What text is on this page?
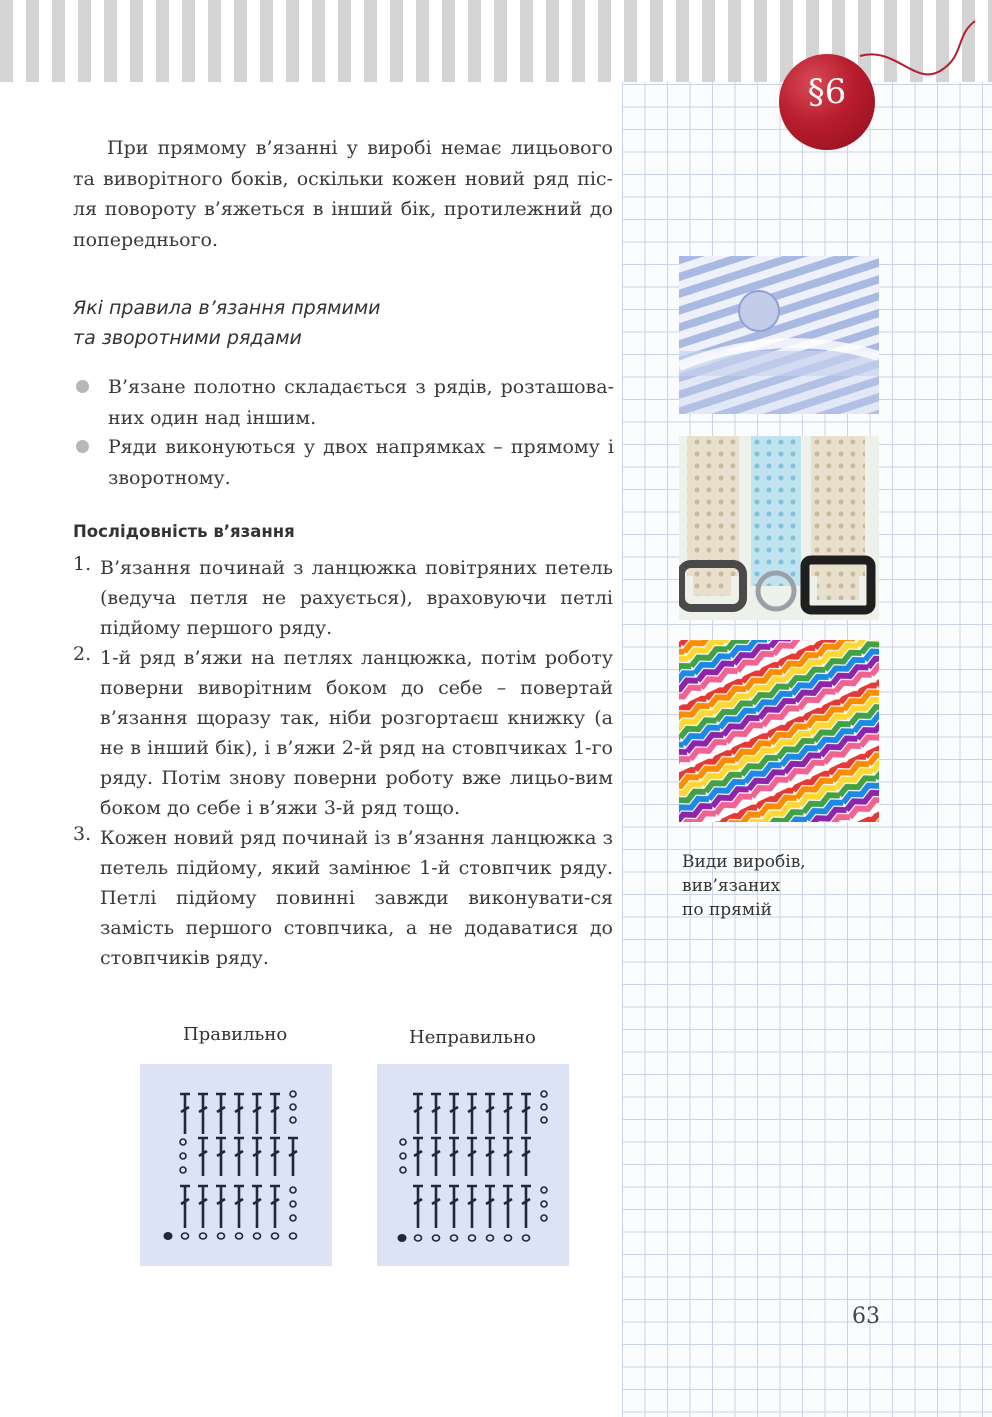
§6

При прямому в’язанні у виробі немає лицьового та виворітного боків, оскільки кожен новий ряд піс-ля повороту в’яжеться в інший бік, протилежний до попереднього.

Які правила в’язання прямими
та зворотними рядами
В’язане полотно складається з рядів, розташова-них один над іншим.
Ряди виконуються у двох напрямках – прямому і зворотному.
Послідовність в’язання
1. В’язання починай з ланцюжка повітряних петель (ведуча петля не рахується), враховуючи петлі підйому першого ряду.
2. 1-й ряд в’яжи на петлях ланцюжка, потім роботу поверни виворітним боком до себе – повертай в’язання щоразу так, ніби розгортаєш книжку (а не в інший бік), і в’яжи 2-й ряд на стовпчиках 1-го ряду. Потім знову поверни роботу вже лицьо-вим боком до себе і в’яжи 3-й ряд тощо.
3. Кожен новий ряд починай із в’язання ланцюжка з петель підйому, який замінює 1-й стовпчик ряду. Петлі підйому повинні завжди виконувати-ся замість першого стовпчика, а не додаватися до стовпчиків ряду.
Види виробів,
вив’язаних
по прямій
Правильно	Неправильно
63
